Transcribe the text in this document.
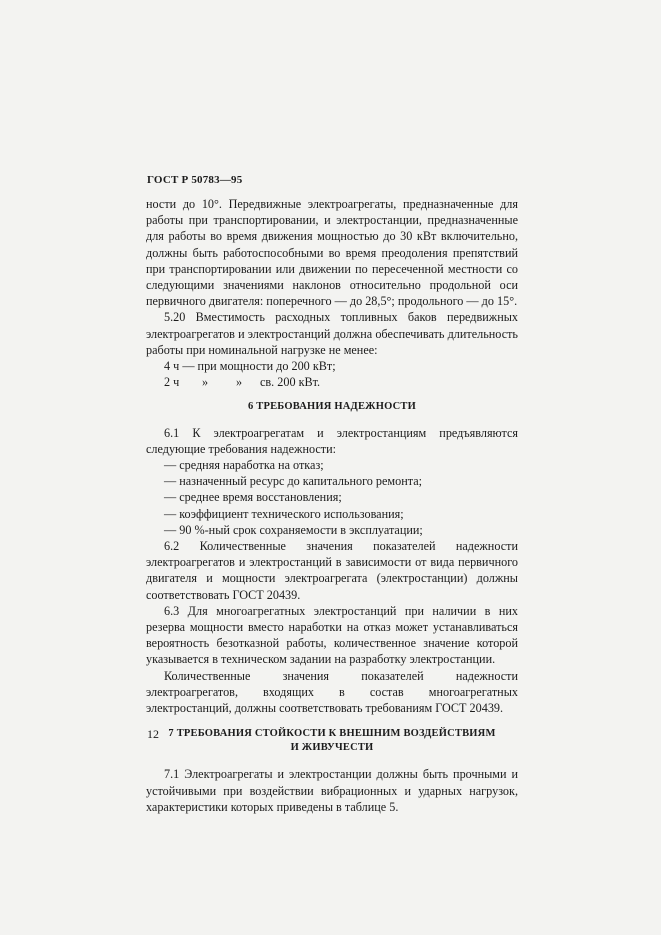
ГОСТ Р 50783—95

ности до 10°. Передвижные электроагрегаты, предназначенные для работы при транспортировании, и электростанции, предназначенные для работы во время движения мощностью до 30 кВт включительно, должны быть работоспособными во время преодоления препятствий при транспортировании или движении по пересеченной местности со следующими значениями наклонов относительно продольной оси первичного двигателя: поперечного — до 28,5°; продольного — до 15°.

5.20 Вместимость расходных топливных баков передвижных электроагрегатов и электростанций должна обеспечивать длительность работы при номинальной нагрузке не менее:

4 ч — при мощности до 200 кВт;

2 ч	»	»	св. 200 кВт.

6 ТРЕБОВАНИЯ НАДЕЖНОСТИ

6.1 К электроагрегатам и электростанциям предъявляются следующие требования надежности:

— средняя наработка на отказ;

— назначенный ресурс до капитального ремонта;

— среднее время восстановления;

— коэффициент технического использования;

— 90 %-ный срок сохраняемости в эксплуатации;

6.2 Количественные значения показателей надежности электроагрегатов и электростанций в зависимости от вида первичного двигателя и мощности электроагрегата (электростанции) должны соответствовать ГОСТ 20439.

6.3 Для многоагрегатных электростанций при наличии в них резерва мощности вместо наработки на отказ может устанавливаться вероятность безотказной работы, количественное значение которой указывается в техническом задании на разработку электростанции.

Количественные значения показателей надежности электроагрегатов, входящих в состав многоагрегатных электростанций, должны соответствовать требованиям ГОСТ 20439.

7 ТРЕБОВАНИЯ СТОЙКОСТИ К ВНЕШНИМ ВОЗДЕЙСТВИЯМ
И ЖИВУЧЕСТИ

7.1 Электроагрегаты и электростанции должны быть прочными и устойчивыми при воздействии вибрационных и ударных нагрузок, характеристики которых приведены в таблице 5.

12
